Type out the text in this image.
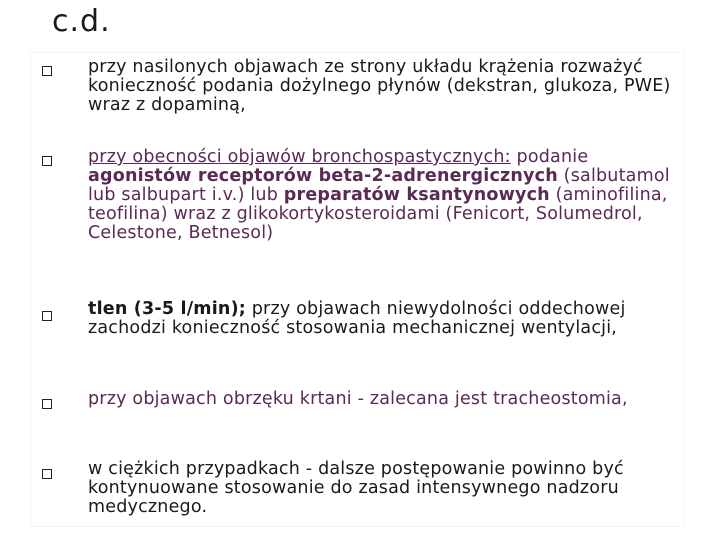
c.d.
przy nasilonych objawach ze strony układu krążenia rozważyć konieczność podania dożylnego płynów (dekstran, glukoza, PWE) wraz z dopaminą,
przy obecności objawów bronchospastycznych: podanie agonistów receptorów beta-2-adrenergicznych (salbutamol lub salbupart i.v.) lub preparatów ksantynowych (aminofilina, teofilina) wraz z glikokortykosteroidami (Fenicort, Solumedrol, Celestone, Betnesol)
tlen (3-5 l/min); przy objawach niewydolności oddechowej zachodzi konieczność stosowania mechanicznej wentylacji,
przy objawach obrzęku krtani - zalecana jest tracheostomia,
w ciężkich przypadkach - dalsze postępowanie powinno być kontynuowane stosowanie do zasad intensywnego nadzoru medycznego.
